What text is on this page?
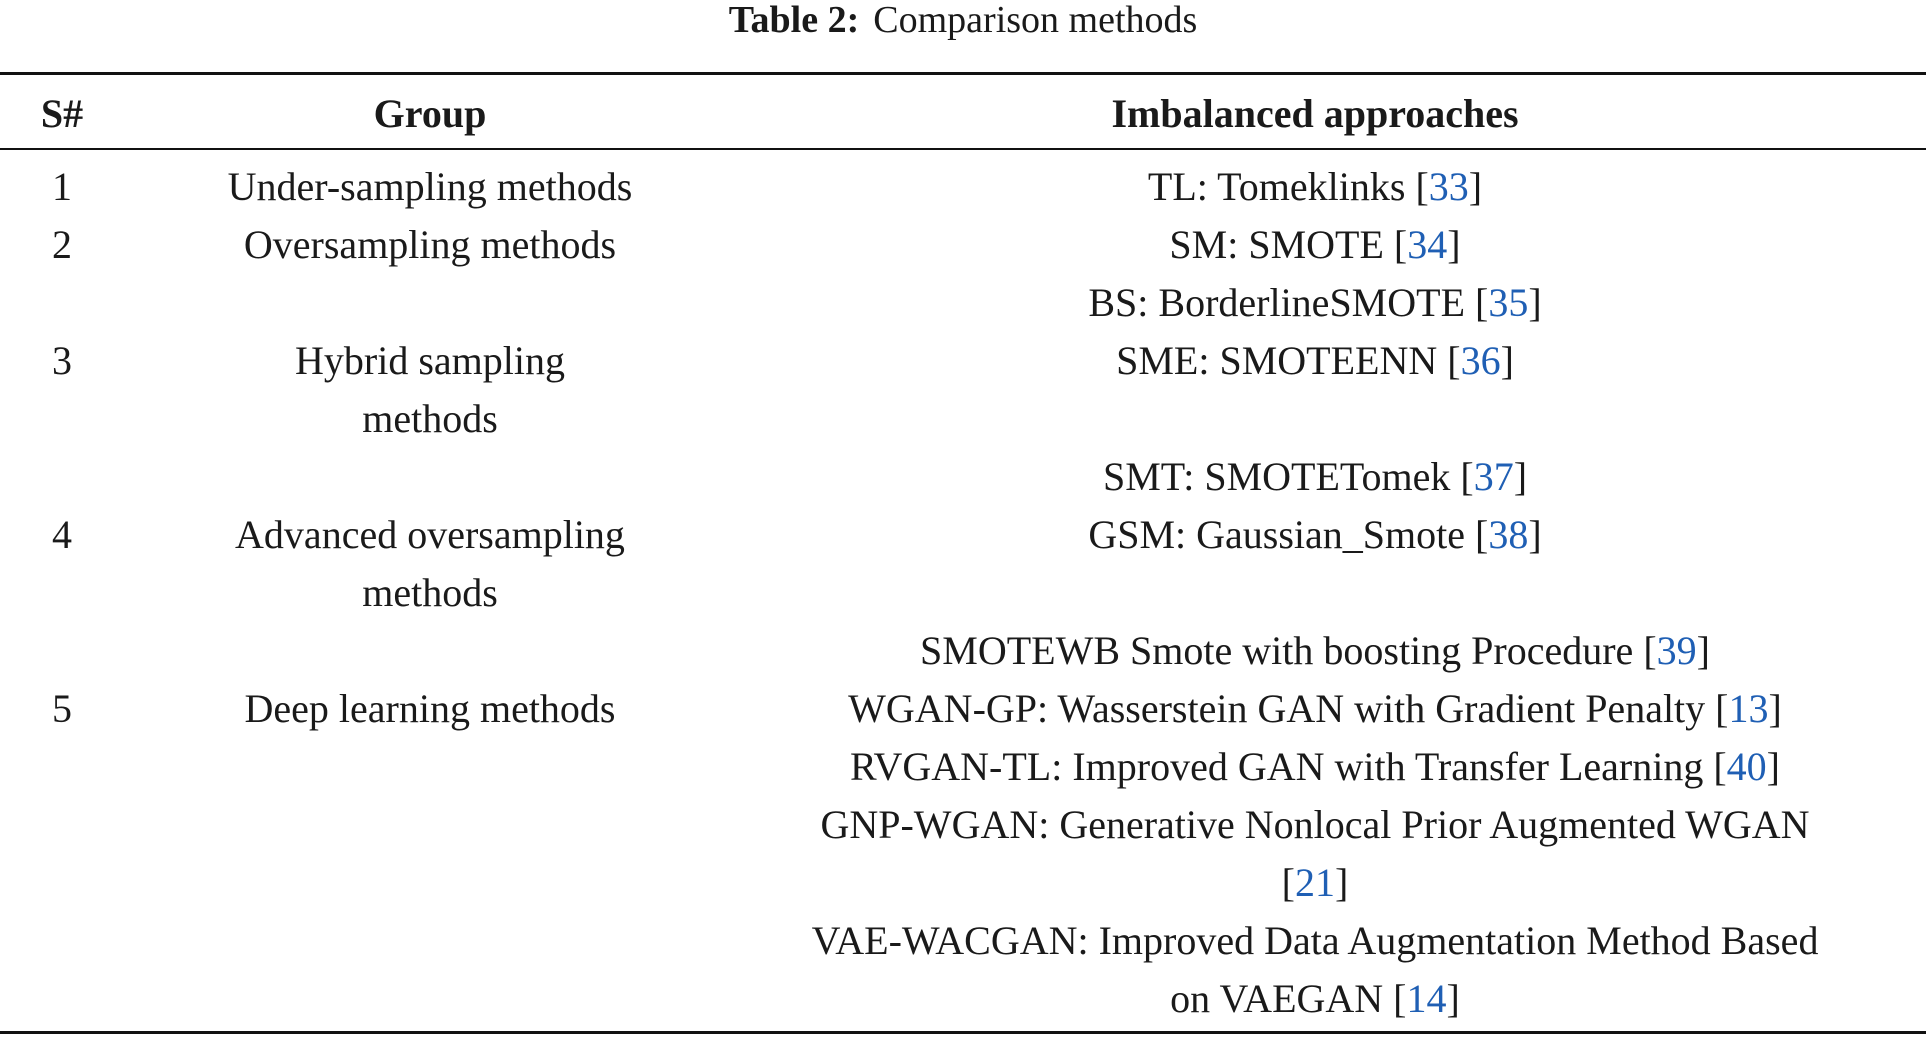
Table 2: Comparison methods
S#	Group	Imbalanced approaches
1
2
3
4
5
Under-sampling methods
Oversampling methods
Hybrid sampling
methods
Advanced oversampling
methods
Deep learning methods
TL: Tomeklinks [33]
SM: SMOTE [34]
BS: BorderlineSMOTE [35]
SME: SMOTEENN [36]
SMT: SMOTETomek [37]
GSM: Gaussian_Smote [38]
SMOTEWB Smote with boosting Procedure [39]
WGAN-GP: Wasserstein GAN with Gradient Penalty [13]
RVGAN-TL: Improved GAN with Transfer Learning [40]
GNP-WGAN: Generative Nonlocal Prior Augmented WGAN
[21]
VAE-WACGAN: Improved Data Augmentation Method Based
on VAEGAN [14]
